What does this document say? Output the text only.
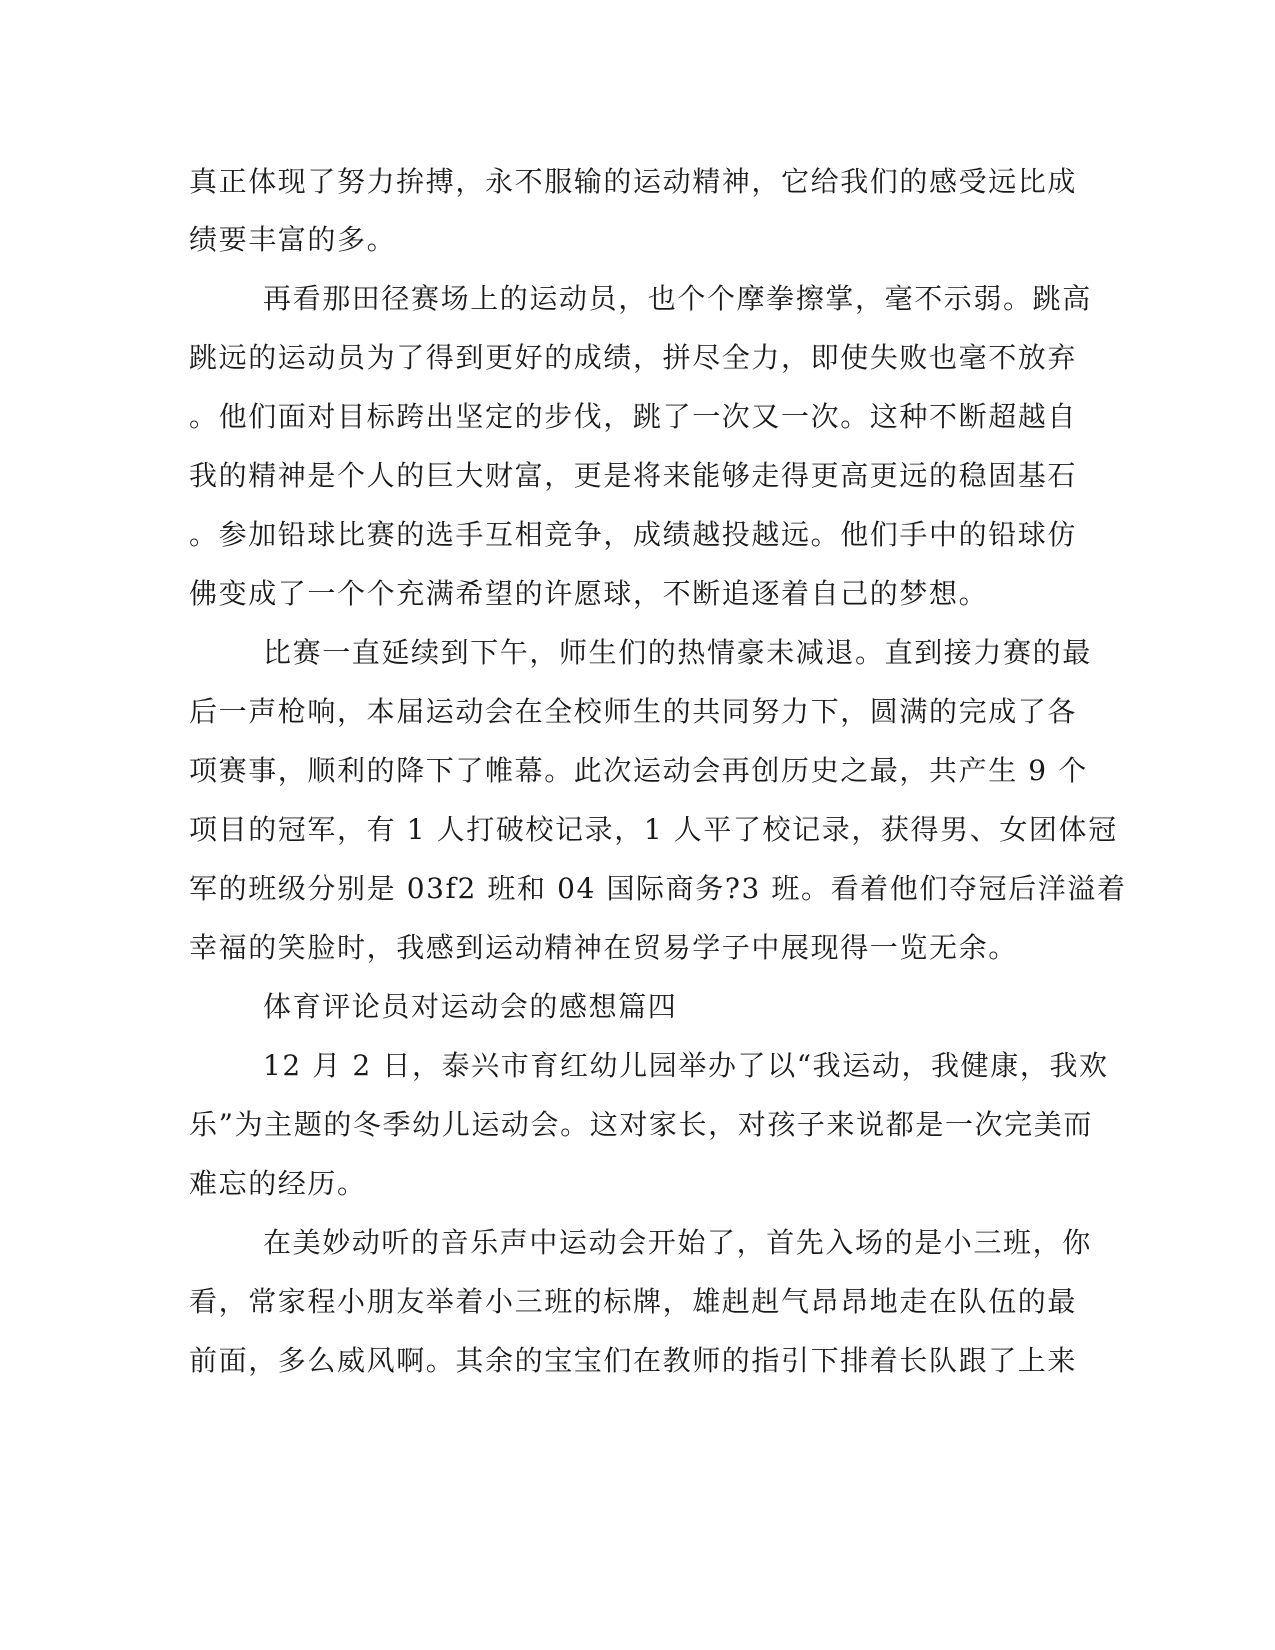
真正体现了努力拚搏，永不服输的运动精神，它给我们的感受远比成
绩要丰富的多。
再看那田径赛场上的运动员，也个个摩拳擦掌，毫不示弱。跳高
跳远的运动员为了得到更好的成绩，拼尽全力，即使失败也毫不放弃
。他们面对目标跨出坚定的步伐，跳了一次又一次。这种不断超越自
我的精神是个人的巨大财富，更是将来能够走得更高更远的稳固基石
。参加铅球比赛的选手互相竞争，成绩越投越远。他们手中的铅球仿
佛变成了一个个充满希望的许愿球，不断追逐着自己的梦想。
比赛一直延续到下午，师生们的热情豪未减退。直到接力赛的最
后一声枪响，本届运动会在全校师生的共同努力下，圆满的完成了各
项赛事，顺利的降下了帷幕。此次运动会再创历史之最，共产生 9 个
项目的冠军，有 1 人打破校记录，1 人平了校记录，获得男、女团体冠
军的班级分别是 03f2 班和 04 国际商务?3 班。看着他们夺冠后洋溢着
幸福的笑脸时，我感到运动精神在贸易学子中展现得一览无余。
体育评论员对运动会的感想篇四
12 月 2 日，泰兴市育红幼儿园举办了以“我运动，我健康，我欢
乐”为主题的冬季幼儿运动会。这对家长，对孩子来说都是一次完美而
难忘的经历。
在美妙动听的音乐声中运动会开始了，首先入场的是小三班，你
看，常家程小朋友举着小三班的标牌，雄赳赳气昂昂地走在队伍的最
前面，多么威风啊。其余的宝宝们在教师的指引下排着长队跟了上来
